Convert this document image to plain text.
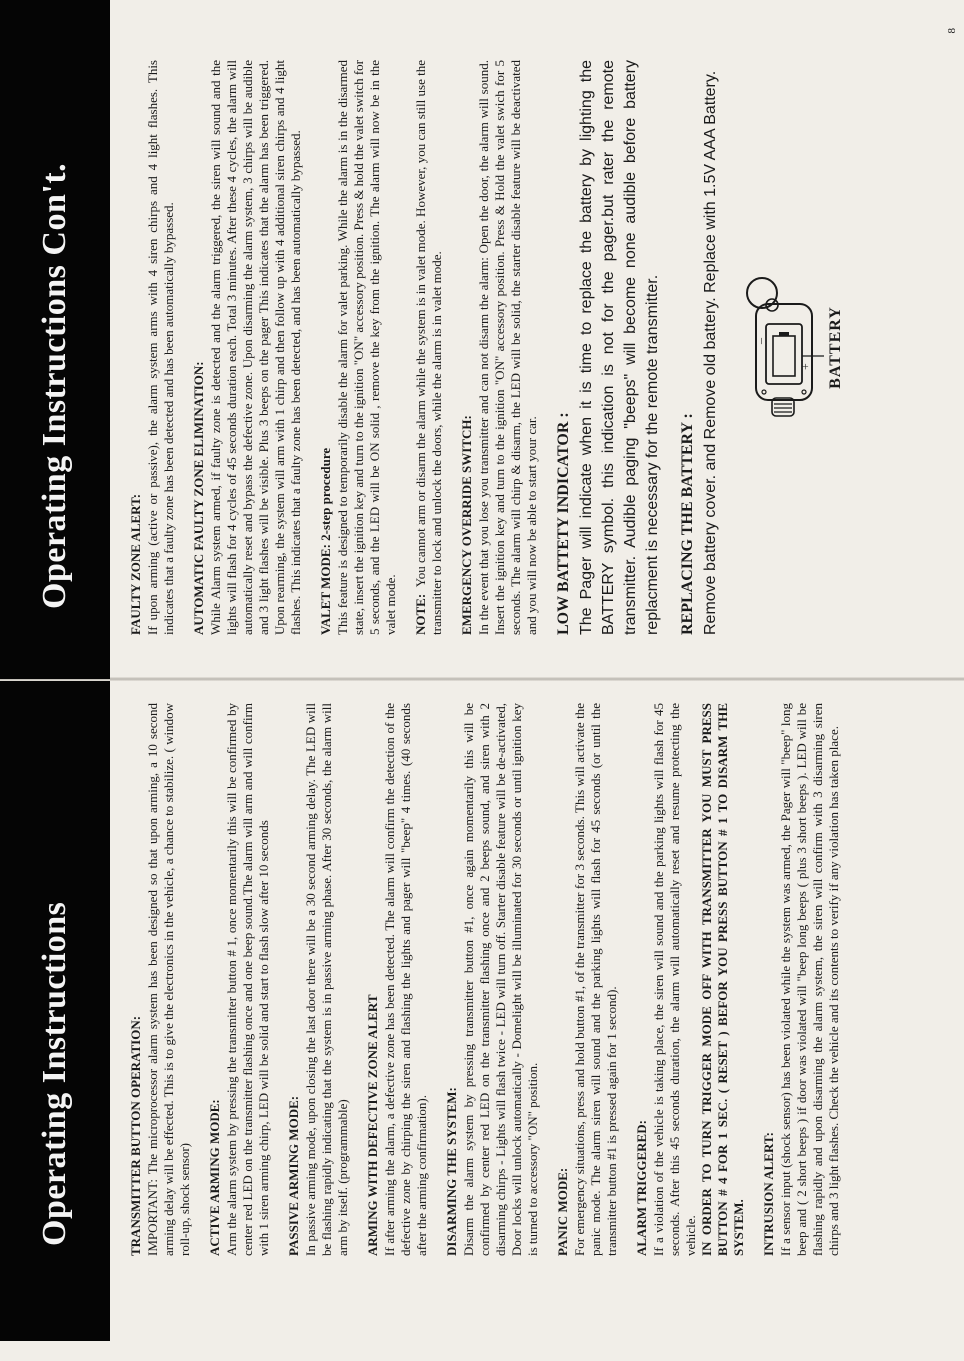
Operating Instructions	TRANSMITTER BUTTON OPERATION: IMPORTANT: The microprocessor alarm system has been designed so that upon arming, a 10 second arming delay will be effected. This is to give the electronics in the vehicle, a chance to stabilize. ( window roll-up, shock sensor) ACTIVE ARMING MODE: Arm the alarm system by pressing the transmitter button # 1, once momentarily this will be confirmed by center red LED on the transmitter flashing once and one beep sound.The alarm will arm and will confirm with 1 siren arming chirp, LED will be solid and start to flash slow after 10 seconds PASSIVE ARMING MODE: In passive arming mode, upon closing the last door there will be a 30 second arming delay. The LED will be flashing rapidly indicating that the system is in passive arming phase. After 30 seconds, the alarm will arm by itself. (programmable) ARMING WITH DEFECTIVE ZONE ALERT If after arming the alarm, a defective zone has been detected. The alarm will confirm the detection of the defective zone by chirping the siren and flashing the lights and pager will "beep" 4 times. (40 seconds after the arming confirmation). DISARMING THE SYSTEM: Disarm the alarm system by pressing transmitter button #1, once again momentarily this will be confirmed by center red LED on the transmitter flashing once and 2 beeps sound, and siren with 2 disarming chirps - Lights will flash twice - LED will turn off. Starter disable feature will be de-activated, Door locks will unlock automatically - Domelight will be illuminated for 30 seconds or until ignition key is turned to accessory "ON" position. PANIC MODE: For emergency situations, press and hold button #1, of the transmitter for 3 seconds. This will activate the panic mode. The alarm siren will sound and the parking lights will flash for 45 seconds (or until the transmitter button #1 is pressed again for 1 second). ALARM TRIGGERED: If a violation of the vehicle is taking place, the siren will sound and the parking lights will flash for 45 seconds. After this 45 seconds duration, the alarm will automatically reset and resume protecting the vehicle. IN ORDER TO TURN TRIGGER MODE OFF WITH TRANSMITTER YOU MUST PRESS BUTTON # 4 FOR 1 SEC. ( RESET ) BEFOR YOU PRESS BUTTON # 1 TO DISARM THE SYSTEM. INTRUSION ALERT: If a sensor input (shock sensor) has been violated while the system was armed, the Pager will "beep" long beep and ( 2 short beeps ) if door was violated will "beep long beeps ( plus 3 short beeps ). LED will be flashing rapidly and upon disarming the alarm system, the siren will confirm with 3 disarming siren chirps and 3 light flashes. Check the vehicle and its contents to verify if any violation has taken place.

Operating Instructions Con't.	FAULTY ZONE ALERT: If upon arming (active or passive), the alarm system arms with 4 siren chirps and 4 light flashes. This indicates that a faulty zone has been detected and has been automatically bypassed. AUTOMATIC FAULTY ZONE ELIMINATION: While Alarm system armed, if faulty zone is detected and the alarm triggered, the siren will sound and the lights will flash for 4 cycles of 45 seconds duration each. Total 3 minutes. After these 4 cycles, the alarm will automatically reset and bypass the defective zone. Upon disarming the alarm system, 3 chirps will be audible and 3 light flashes will be visible. Plus 3 beeps on the pager This indicates that the alarm has been triggered. Upon rearming, the system will arm with 1 chirp and then follow up with 4 additional siren chirps and 4 light flashes. This indicates that a faulty zone has been detected, and has been automatically bypassed. VALET MODE: 2-step procedure This feature is designed to temporarily disable the alarm for valet parking. While the alarm is in the disarmed state, insert the ignition key and turn to the ignition "ON" accessory position. Press & hold the valet switch for 5 seconds, and the LED will be ON solid , remove the key from the ignition. The alarm will now be in the valet mode. NOTE:  You cannot arm or disarm the alarm while the system is in valet mode. However, you can still use the transmitter to lock and unlock the doors, while the alarm is in valet mode. EMERGENCY OVERRIDE SWITCH: In the event that you lose you transmitter and can not disarm the alarm: Open the door, the alarm will sound. Insert the ignition key and turn to the ignition "ON" accessory position. Press & Hold the valet swich for 5 seconds. The alarm will chirp & disarm, the LED will be solid, the starter disable feature will be deactivated and you will now be able to start your car. LOW BATTETY INDICATOR : The Pager will indicate when it is time to replace the battery by lighting the BATTERY symbol. this indication is not for the pager.but rater the remote transmitter. Audible paging "beeps" will become none audible before battery replacment is necessary for the remote transmitter. REPLACING THE BATTERY : Remove battery cover. and Remove old battery. Replace with 1.5V AAA Battery.	+
–	BATTERY
8
